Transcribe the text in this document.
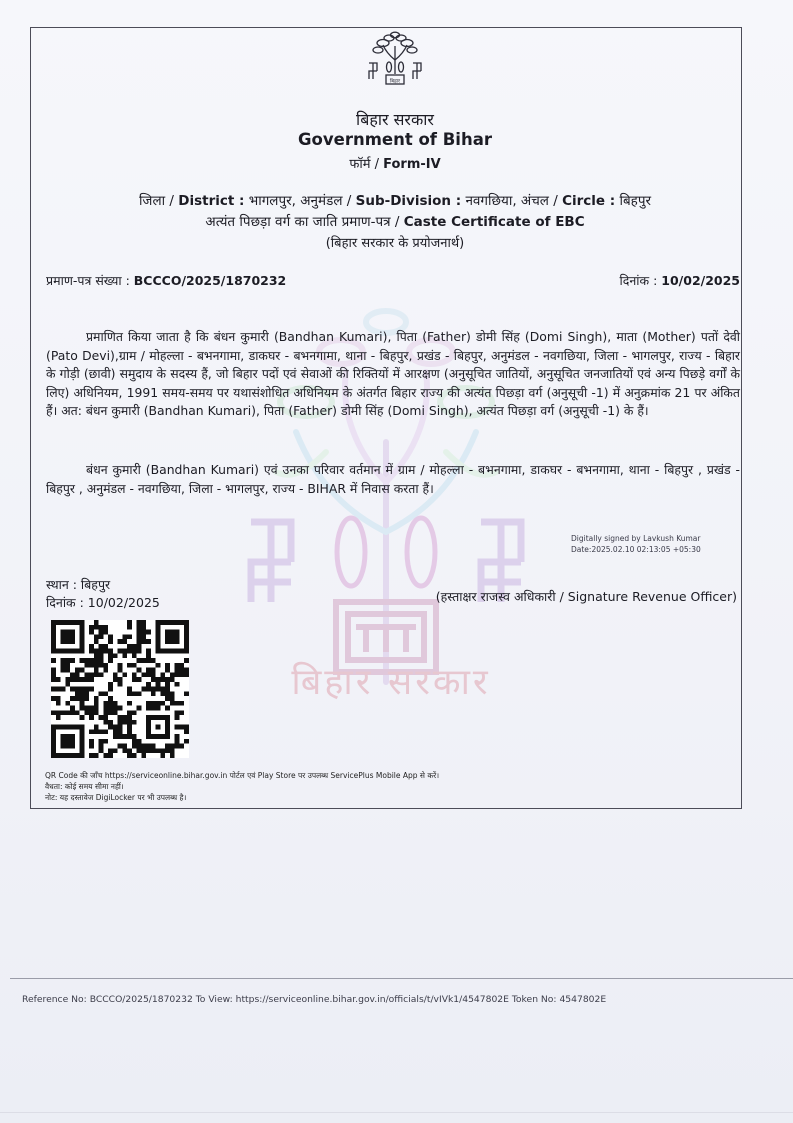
बिहार सरकार
बिहार
बिहार सरकार
Government of Bihar
फॉर्म / Form-IV
जिला / District : भागलपुर, अनुमंडल / Sub-Division : नवगछिया, अंचल / Circle : बिहपुर
अत्यंत पिछड़ा वर्ग का जाति प्रमाण-पत्र / Caste Certificate of EBC
(बिहार सरकार के प्रयोजनार्थ)
प्रमाण-पत्र संख्या : BCCCO/2025/1870232	दिनांक : 10/02/2025
प्रमाणित किया जाता है कि बंधन कुमारी (Bandhan Kumari), पिता (Father) डोमी सिंह (Domi Singh), माता (Mother) पतों देवी (Pato Devi),ग्राम / मोहल्ला - बभनगामा, डाकघर - बभनगामा, थाना - बिहपुर, प्रखंड - बिहपुर, अनुमंडल - नवगछिया, जिला - भागलपुर, राज्य - बिहार के गोड़ी (छावी) समुदाय के सदस्य हैं, जो बिहार पदों एवं सेवाओं की रिक्तियों में आरक्षण (अनुसूचित जातियों, अनुसूचित जनजातियों एवं अन्य पिछड़े वर्गों के लिए) अधिनियम, 1991 समय-समय पर यथासंशोधित अधिनियम के अंतर्गत बिहार राज्य की अत्यंत पिछड़ा वर्ग (अनुसूची -1) में अनुक्रमांक 21 पर अंकित हैं। अत: बंधन कुमारी (Bandhan Kumari), पिता (Father) डोमी सिंह (Domi Singh), अत्यंत पिछड़ा वर्ग (अनुसूची -1) के हैं।
बंधन कुमारी (Bandhan Kumari) एवं उनका परिवार वर्तमान में ग्राम / मोहल्ला - बभनगामा, डाकघर - बभनगामा, थाना - बिहपुर , प्रखंड - बिहपुर , अनुमंडल - नवगछिया, जिला - भागलपुर, राज्य - BIHAR में निवास करता हैं।
Digitally signed by Lavkush Kumar
Date:2025.02.10 02:13:05 +05:30
स्थान : बिहपुर
दिनांक : 10/02/2025	(हस्ताक्षर राजस्व अधिकारी / Signature Revenue Officer)
QR Code की जाँच https://serviceonline.bihar.gov.in पोर्टल एवं Play Store पर उपलब्ध ServicePlus Mobile App से करें।
वैधता: कोई समय सीमा नहीं।
नोट: यह दस्तावेज DigiLocker पर भी उपलब्ध है।
Reference No: BCCCO/2025/1870232 To View: https://serviceonline.bihar.gov.in/officials/t/vIVk1/4547802E Token No: 4547802E
